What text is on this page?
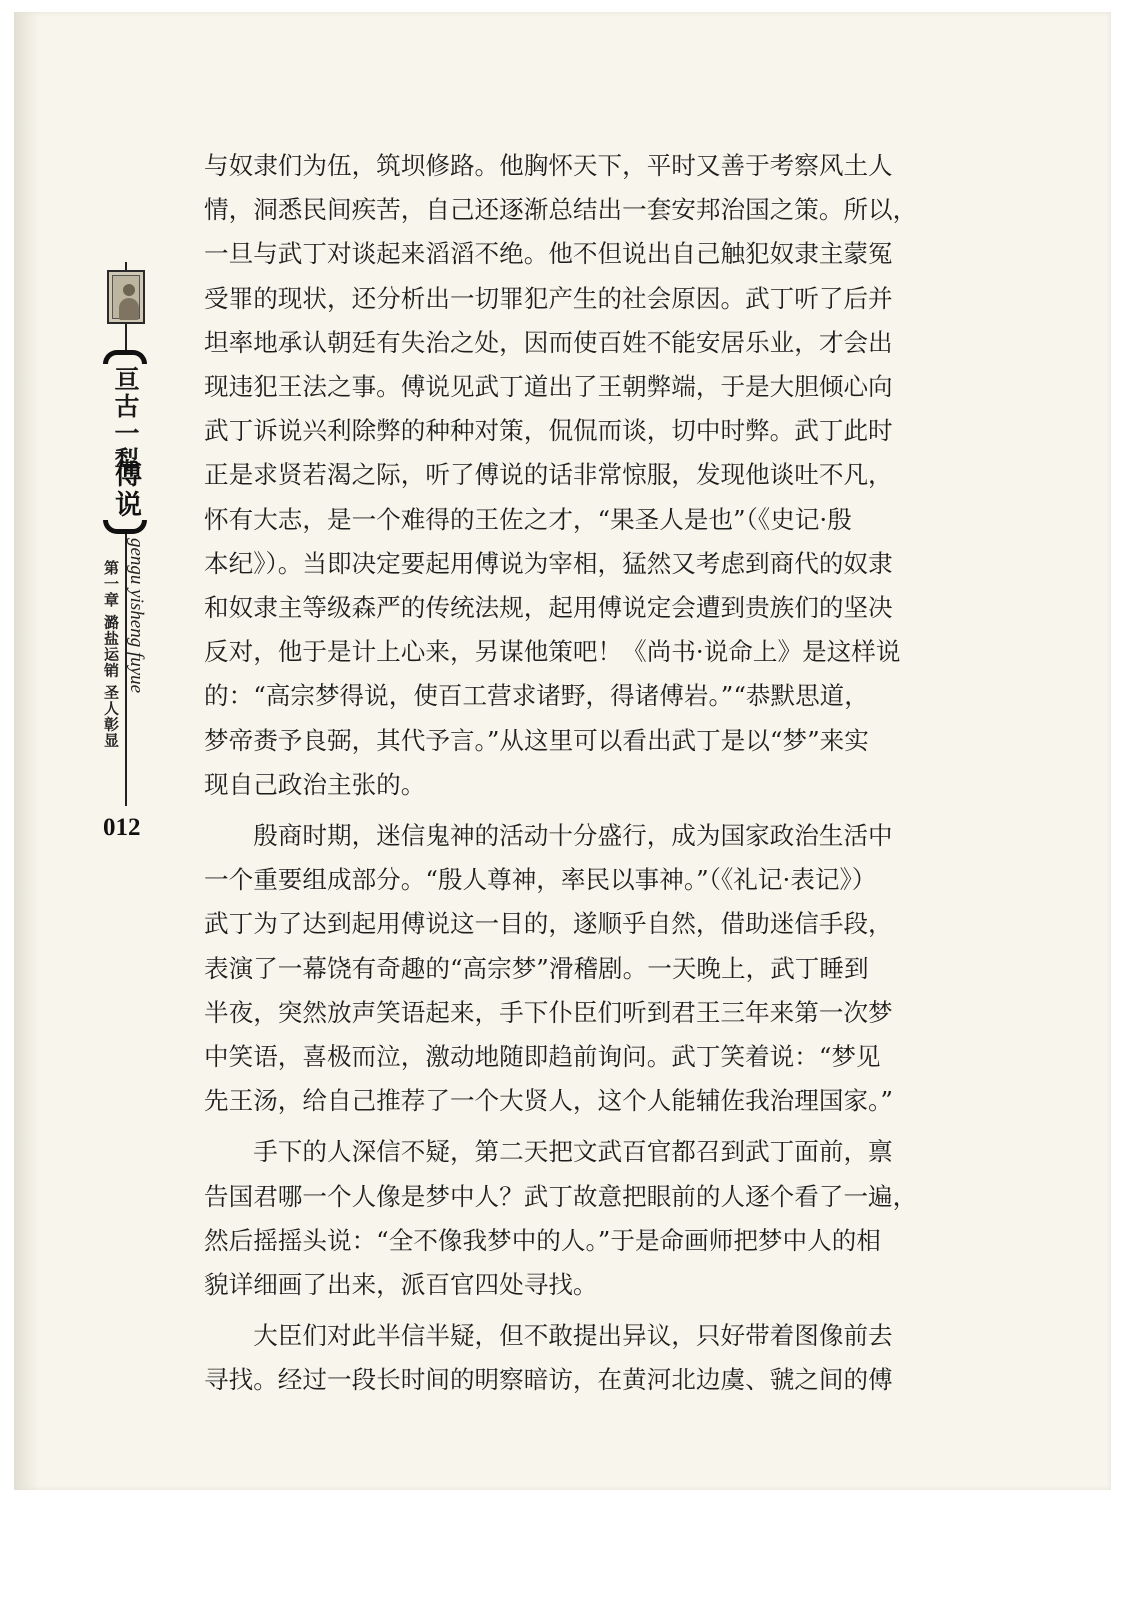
亘古一犁
傅说
第一章 潞盐运销 圣人彰显 gengu yisheng fuyue
012
与奴隶们为伍，筑坝修路。他胸怀天下，平时又善于考察风土人
情，洞悉民间疾苦，自己还逐渐总结出一套安邦治国之策。所以，
一旦与武丁对谈起来滔滔不绝。他不但说出自己触犯奴隶主蒙冤
受罪的现状，还分析出一切罪犯产生的社会原因。武丁听了后并
坦率地承认朝廷有失治之处，因而使百姓不能安居乐业，才会出
现违犯王法之事。傅说见武丁道出了王朝弊端，于是大胆倾心向
武丁诉说兴利除弊的种种对策，侃侃而谈，切中时弊。武丁此时
正是求贤若渴之际，听了傅说的话非常惊服，发现他谈吐不凡，
怀有大志，是一个难得的王佐之才，“果圣人是也”（《史记·殷
本纪》）。当即决定要起用傅说为宰相，猛然又考虑到商代的奴隶
和奴隶主等级森严的传统法规，起用傅说定会遭到贵族们的坚决
反对，他于是计上心来，另谋他策吧！《尚书·说命上》是这样说
的：“高宗梦得说，使百工营求诸野，得诸傅岩。”“恭默思道，
梦帝赉予良弼，其代予言。”从这里可以看出武丁是以“梦”来实
现自己政治主张的。
　　殷商时期，迷信鬼神的活动十分盛行，成为国家政治生活中
一个重要组成部分。“殷人尊神，率民以事神。”（《礼记·表记》）
武丁为了达到起用傅说这一目的，遂顺乎自然，借助迷信手段，
表演了一幕饶有奇趣的“高宗梦”滑稽剧。一天晚上，武丁睡到
半夜，突然放声笑语起来，手下仆臣们听到君王三年来第一次梦
中笑语，喜极而泣，激动地随即趋前询问。武丁笑着说：“梦见
先王汤，给自己推荐了一个大贤人，这个人能辅佐我治理国家。”
　　手下的人深信不疑，第二天把文武百官都召到武丁面前，禀
告国君哪一个人像是梦中人？武丁故意把眼前的人逐个看了一遍，
然后摇摇头说：“全不像我梦中的人。”于是命画师把梦中人的相
貌详细画了出来，派百官四处寻找。
　　大臣们对此半信半疑，但不敢提出异议，只好带着图像前去
寻找。经过一段长时间的明察暗访，在黄河北边虞、虢之间的傅
